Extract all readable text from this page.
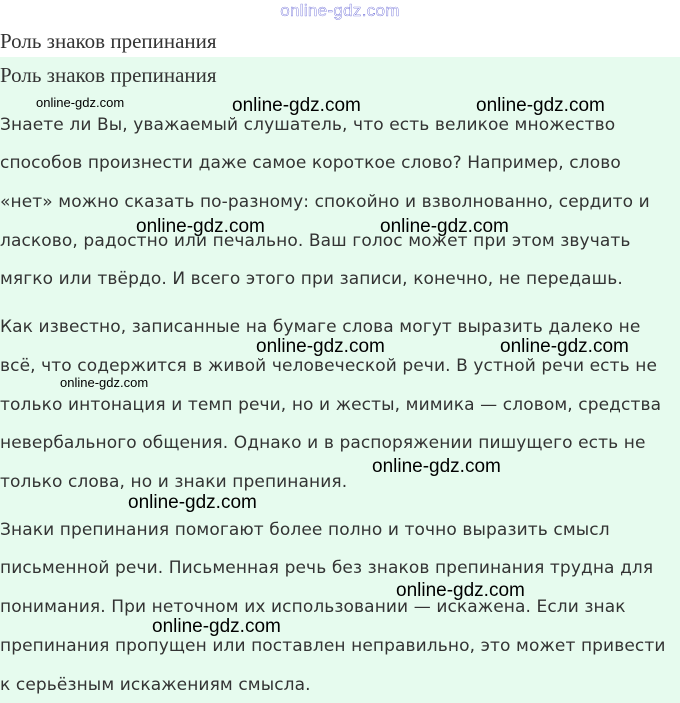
online-gdz.com
Роль знаков препинания
Роль знаков препинания
Знаете ли Вы, уважаемый слушатель, что есть великое множество
способов произнести даже самое короткое слово? Например, слово
«нет» можно сказать по-разному: спокойно и взволнованно, сердито и
ласково, радостно или печально. Ваш голос может при этом звучать
мягко или твёрдо. И всего этого при записи, конечно, не передашь.
Как известно, записанные на бумаге слова могут выразить далеко не
всё, что содержится в живой человеческой речи. В устной речи есть не
только интонация и темп речи, но и жесты, мимика — словом, средства
невербального общения. Однако и в распоряжении пишущего есть не
только слова, но и знаки препинания.
Знаки препинания помогают более полно и точно выразить смысл
письменной речи. Письменная речь без знаков препинания трудна для
понимания. При неточном их использовании — искажена. Если знак
препинания пропущен или поставлен неправильно, это может привести
к серьёзным искажениям смысла.
online-gdz.com	online-gdz.com	online-gdz.com
online-gdz.com	online-gdz.com
online-gdz.com	online-gdz.com
online-gdz.com
online-gdz.com
online-gdz.com
online-gdz.com
online-gdz.com
